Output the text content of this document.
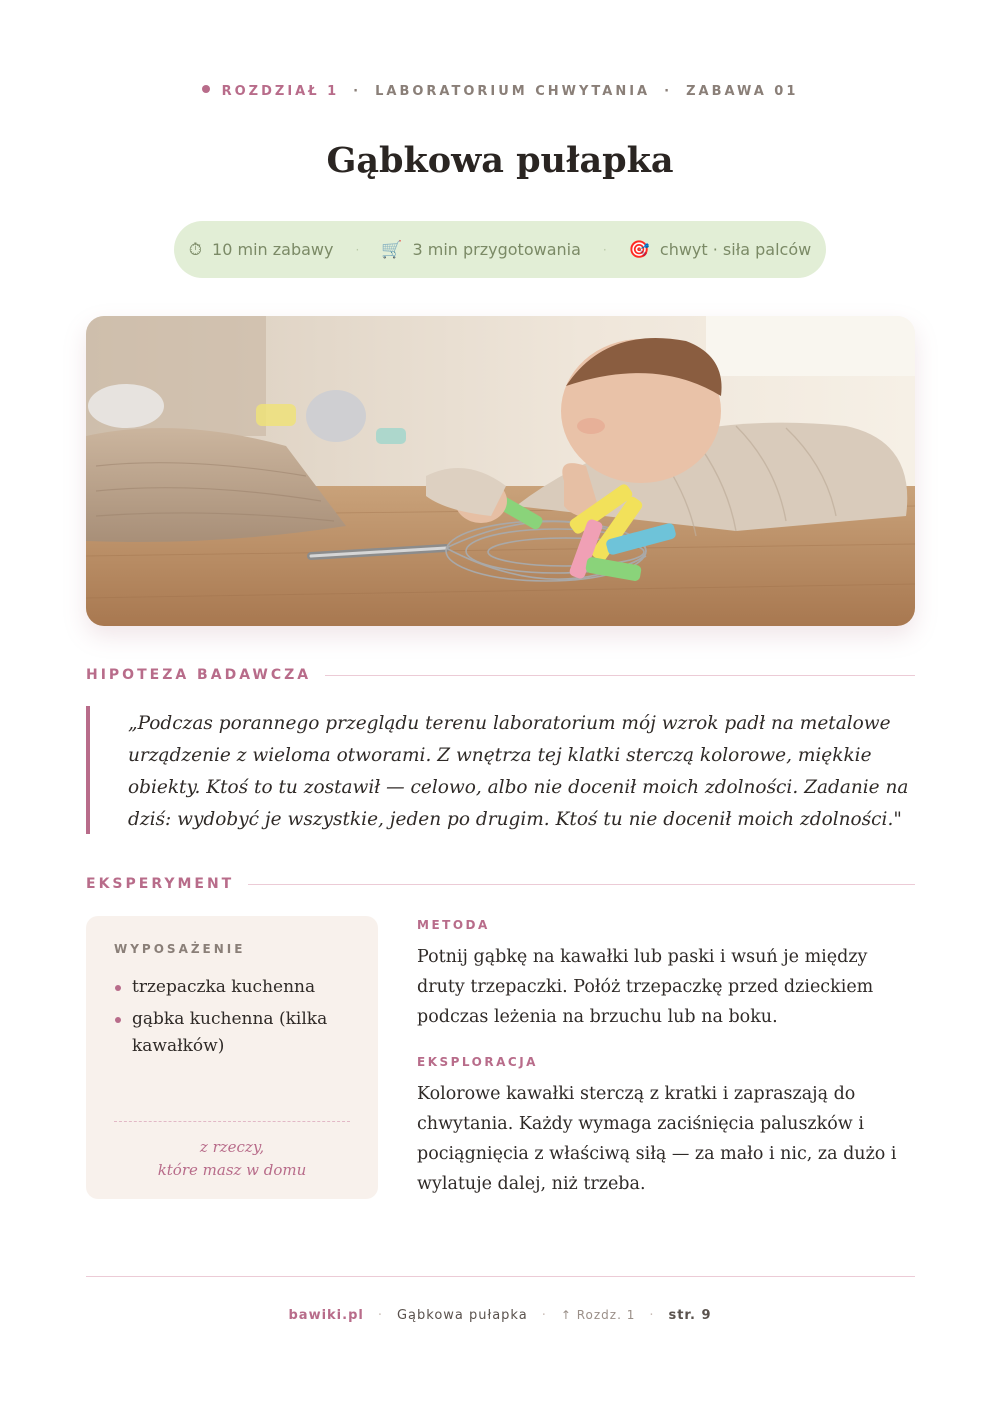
ROZDZIAŁ 1 · LABORATORIUM CHWYTANIA · ZABAWA 01
Gąbkowa pułapka
⏱ 10 min zabawy · 🛒 3 min przygotowania · 🎯 chwyt · siła palców
HIPOTEZA BADAWCZA
„Podczas porannego przeglądu terenu laboratorium mój wzrok padł na metalowe urządzenie z wieloma otworami. Z wnętrza tej klatki sterczą kolorowe, miękkie obiekty. Ktoś to tu zostawił — celowo, albo nie docenił moich zdolności. Zadanie na dziś: wydobyć je wszystkie, jeden po drugim. Ktoś tu nie docenił moich zdolności."
EKSPERYMENT
WYPOSAŻENIE
trzepaczka kuchenna
gąbka kuchenna (kilka kawałków)
z rzeczy,
które masz w domu
METODA

Potnij gąbkę na kawałki lub paski i wsuń je między druty trzepaczki. Połóż trzepaczkę przed dzieckiem podczas leżenia na brzuchu lub na boku.

EKSPLORACJA

Kolorowe kawałki sterczą z kratki i zapraszają do chwytania. Każdy wymaga zaciśnięcia paluszków i pociągnięcia z właściwą siłą — za mało i nic, za dużo i wylatuje dalej, niż trzeba.

bawiki.pl · Gąbkowa pułapka · ↑ Rozdz. 1 · str. 9
